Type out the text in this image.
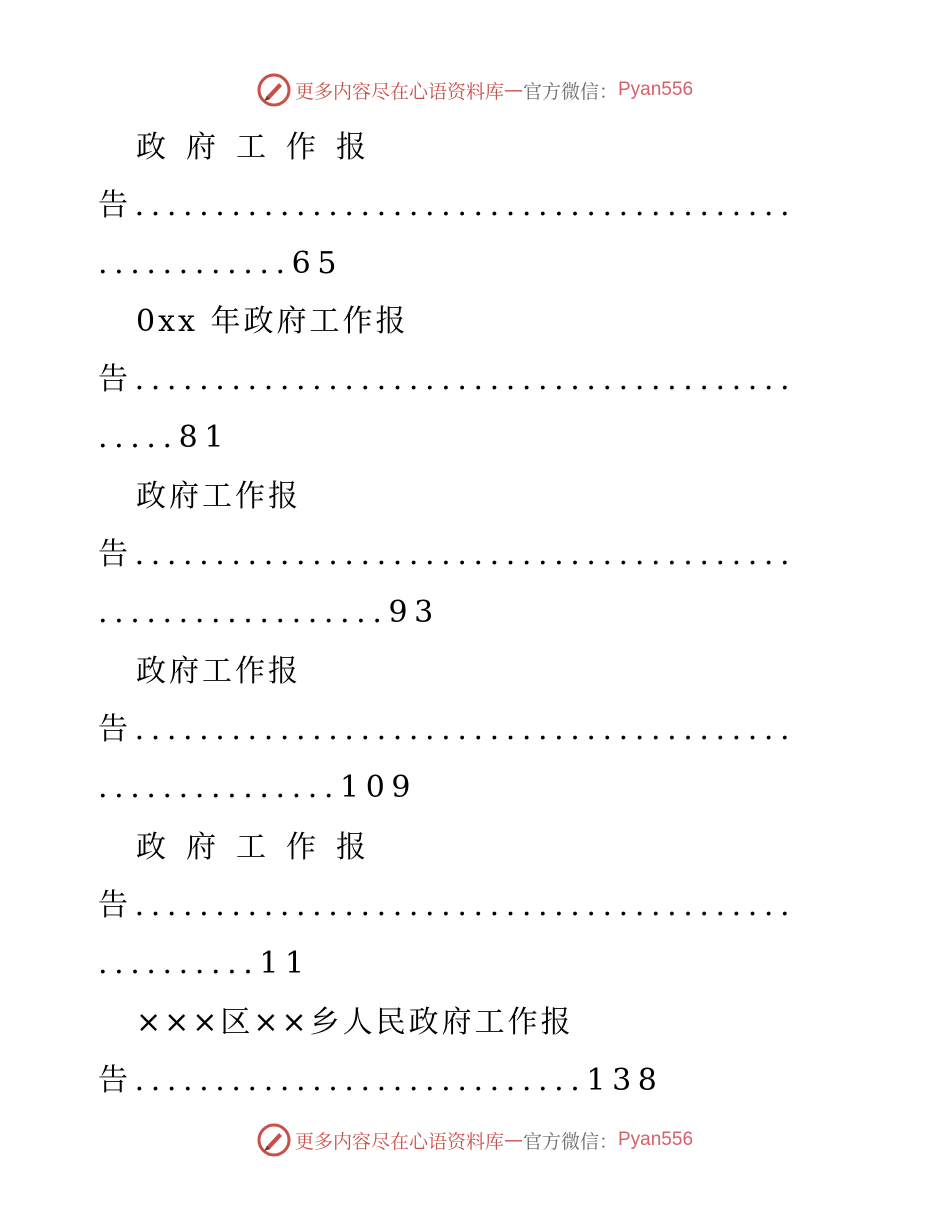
更多内容尽在心语资料库 — 官方微信： Pyan556
政府工作报
告.........................................
............65
0xx 年政府工作报
告.........................................
.....81
政府工作报
告.........................................
..................93
政府工作报
告.........................................
...............109
政府工作报
告.........................................
..........11
×××区××乡人民政府工作报
告............................138
更多内容尽在心语资料库 — 官方微信： Pyan556
